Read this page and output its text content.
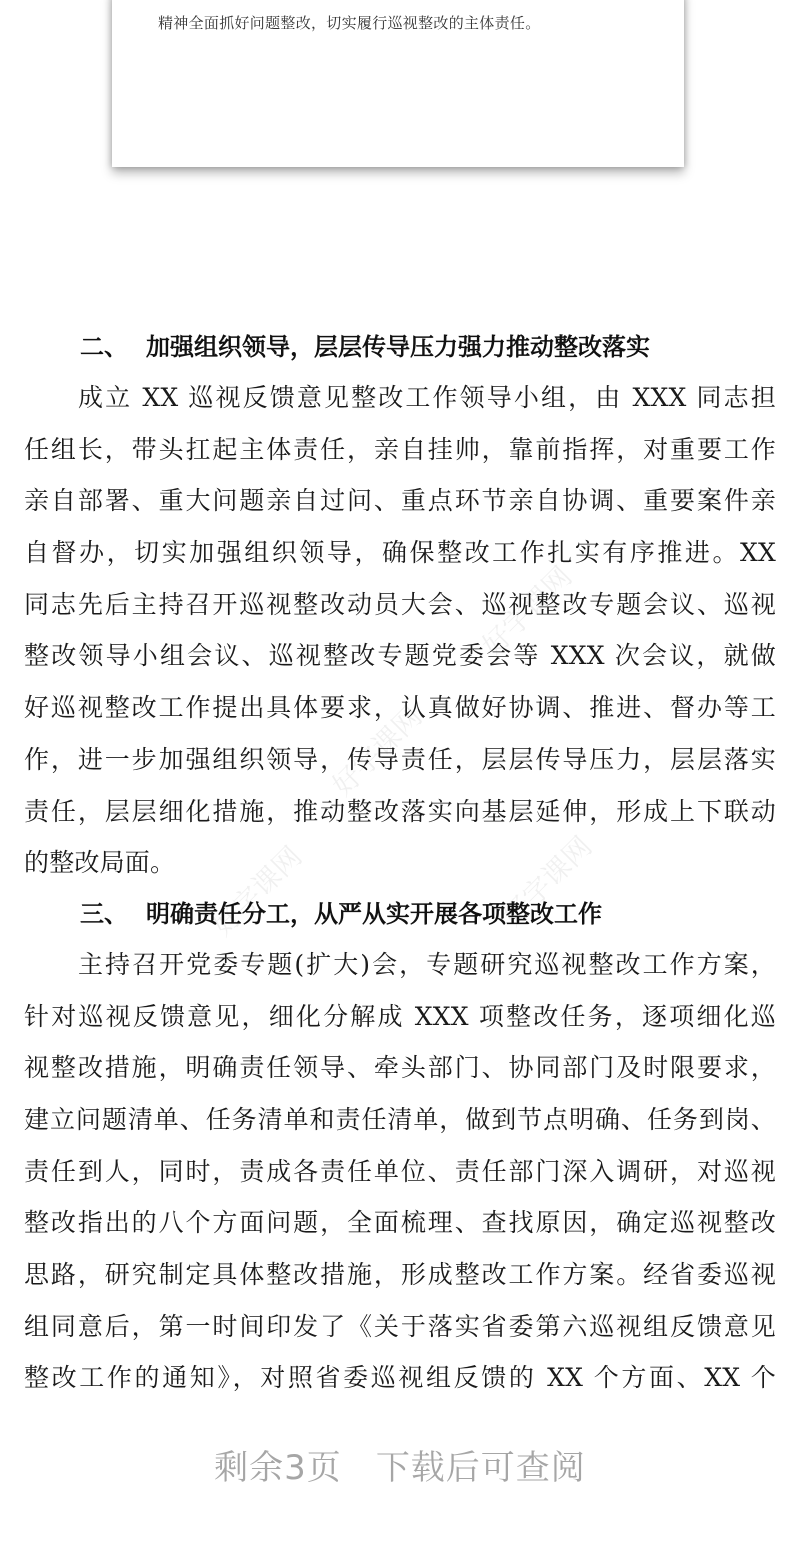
精神全面抓好问题整改，切实履行巡视整改的主体责任。
好字课网
好字课网
好字课网	好字课网
二、 加强组织领导，层层传导压力强力推动整改落实
成立 XX 巡视反馈意见整改工作领导小组，由 XXX 同志担
任组长，带头扛起主体责任，亲自挂帅，靠前指挥，对重要工作
亲自部署、重大问题亲自过问、重点环节亲自协调、重要案件亲
自督办，切实加强组织领导，确保整改工作扎实有序推进。XX
同志先后主持召开巡视整改动员大会、巡视整改专题会议、巡视
整改领导小组会议、巡视整改专题党委会等 XXX 次会议，就做
好巡视整改工作提出具体要求，认真做好协调、推进、督办等工
作，进一步加强组织领导，传导责任，层层传导压力，层层落实
责任，层层细化措施，推动整改落实向基层延伸，形成上下联动
的整改局面。
三、 明确责任分工，从严从实开展各项整改工作
主持召开党委专题(扩大)会，专题研究巡视整改工作方案，
针对巡视反馈意见，细化分解成 XXX 项整改任务，逐项细化巡
视整改措施，明确责任领导、牵头部门、协同部门及时限要求，
建立问题清单、任务清单和责任清单，做到节点明确、任务到岗、
责任到人，同时，责成各责任单位、责任部门深入调研，对巡视
整改指出的八个方面问题，全面梳理、查找原因，确定巡视整改
思路，研究制定具体整改措施，形成整改工作方案。经省委巡视
组同意后，第一时间印发了《关于落实省委第六巡视组反馈意见
整改工作的通知》，对照省委巡视组反馈的 XX 个方面、XX 个
剩余3页 下载后可查阅
